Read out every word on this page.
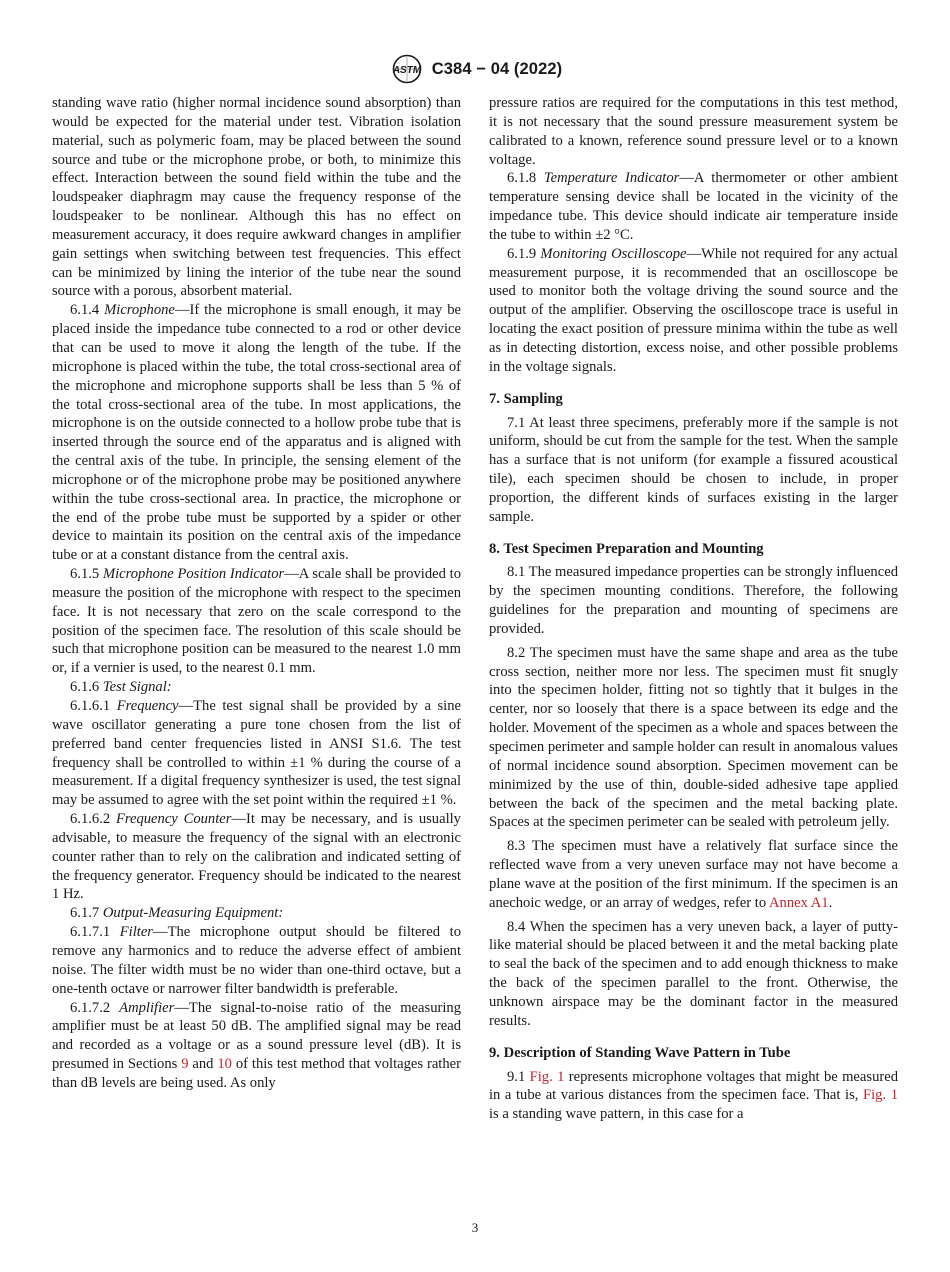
ASTM C384 − 04 (2022)

standing wave ratio (higher normal incidence sound absorption) than would be expected for the material under test. Vibration isolation material, such as polymeric foam, may be placed between the sound source and tube or the microphone probe, or both, to minimize this effect. Interaction between the sound field within the tube and the loudspeaker diaphragm may cause the frequency response of the loudspeaker to be nonlinear. Although this has no effect on measurement accuracy, it does require awkward changes in amplifier gain settings when switching between test frequencies. This effect can be minimized by lining the interior of the tube near the sound source with a porous, absorbent material.

6.1.4 Microphone—If the microphone is small enough, it may be placed inside the impedance tube connected to a rod or other device that can be used to move it along the length of the tube. If the microphone is placed within the tube, the total cross-sectional area of the microphone and microphone supports shall be less than 5 % of the total cross-sectional area of the tube. In most applications, the microphone is on the outside connected to a hollow probe tube that is inserted through the source end of the apparatus and is aligned with the central axis of the tube. In principle, the sensing element of the microphone or of the microphone probe may be positioned anywhere within the tube cross-sectional area. In practice, the microphone or the end of the probe tube must be supported by a spider or other device to maintain its position on the central axis of the impedance tube or at a constant distance from the central axis.

6.1.5 Microphone Position Indicator—A scale shall be provided to measure the position of the microphone with respect to the specimen face. It is not necessary that zero on the scale correspond to the position of the specimen face. The resolution of this scale should be such that microphone position can be measured to the nearest 1.0 mm or, if a vernier is used, to the nearest 0.1 mm.

6.1.6 Test Signal:

6.1.6.1 Frequency—The test signal shall be provided by a sine wave oscillator generating a pure tone chosen from the list of preferred band center frequencies listed in ANSI S1.6. The test frequency shall be controlled to within ±1 % during the course of a measurement. If a digital frequency synthesizer is used, the test signal may be assumed to agree with the set point within the required ±1 %.

6.1.6.2 Frequency Counter—It may be necessary, and is usually advisable, to measure the frequency of the signal with an electronic counter rather than to rely on the calibration and indicated setting of the frequency generator. Frequency should be indicated to the nearest 1 Hz.

6.1.7 Output-Measuring Equipment:

6.1.7.1 Filter—The microphone output should be filtered to remove any harmonics and to reduce the adverse effect of ambient noise. The filter width must be no wider than one-third octave, but a one-tenth octave or narrower filter bandwidth is preferable.

6.1.7.2 Amplifier—The signal-to-noise ratio of the measuring amplifier must be at least 50 dB. The amplified signal may be read and recorded as a voltage or as a sound pressure level (dB). It is presumed in Sections 9 and 10 of this test method that voltages rather than dB levels are being used. As only

pressure ratios are required for the computations in this test method, it is not necessary that the sound pressure measurement system be calibrated to a known, reference sound pressure level or to a known voltage.

6.1.8 Temperature Indicator—A thermometer or other ambient temperature sensing device shall be located in the vicinity of the impedance tube. This device should indicate air temperature inside the tube to within ±2 °C.

6.1.9 Monitoring Oscilloscope—While not required for any actual measurement purpose, it is recommended that an oscilloscope be used to monitor both the voltage driving the sound source and the output of the amplifier. Observing the oscilloscope trace is useful in locating the exact position of pressure minima within the tube as well as in detecting distortion, excess noise, and other possible problems in the voltage signals.

7. Sampling

7.1 At least three specimens, preferably more if the sample is not uniform, should be cut from the sample for the test. When the sample has a surface that is not uniform (for example a fissured acoustical tile), each specimen should be chosen to include, in proper proportion, the different kinds of surfaces existing in the larger sample.

8. Test Specimen Preparation and Mounting

8.1 The measured impedance properties can be strongly influenced by the specimen mounting conditions. Therefore, the following guidelines for the preparation and mounting of specimens are provided.

8.2 The specimen must have the same shape and area as the tube cross section, neither more nor less. The specimen must fit snugly into the specimen holder, fitting not so tightly that it bulges in the center, nor so loosely that there is a space between its edge and the holder. Movement of the specimen as a whole and spaces between the specimen perimeter and sample holder can result in anomalous values of normal incidence sound absorption. Specimen movement can be minimized by the use of thin, double-sided adhesive tape applied between the back of the specimen and the metal backing plate. Spaces at the specimen perimeter can be sealed with petroleum jelly.

8.3 The specimen must have a relatively flat surface since the reflected wave from a very uneven surface may not have become a plane wave at the position of the first minimum. If the specimen is an anechoic wedge, or an array of wedges, refer to Annex A1.

8.4 When the specimen has a very uneven back, a layer of putty-like material should be placed between it and the metal backing plate to seal the back of the specimen and to add enough thickness to make the back of the specimen parallel to the front. Otherwise, the unknown airspace may be the dominant factor in the measured results.

9. Description of Standing Wave Pattern in Tube

9.1 Fig. 1 represents microphone voltages that might be measured in a tube at various distances from the specimen face. That is, Fig. 1 is a standing wave pattern, in this case for a

3
